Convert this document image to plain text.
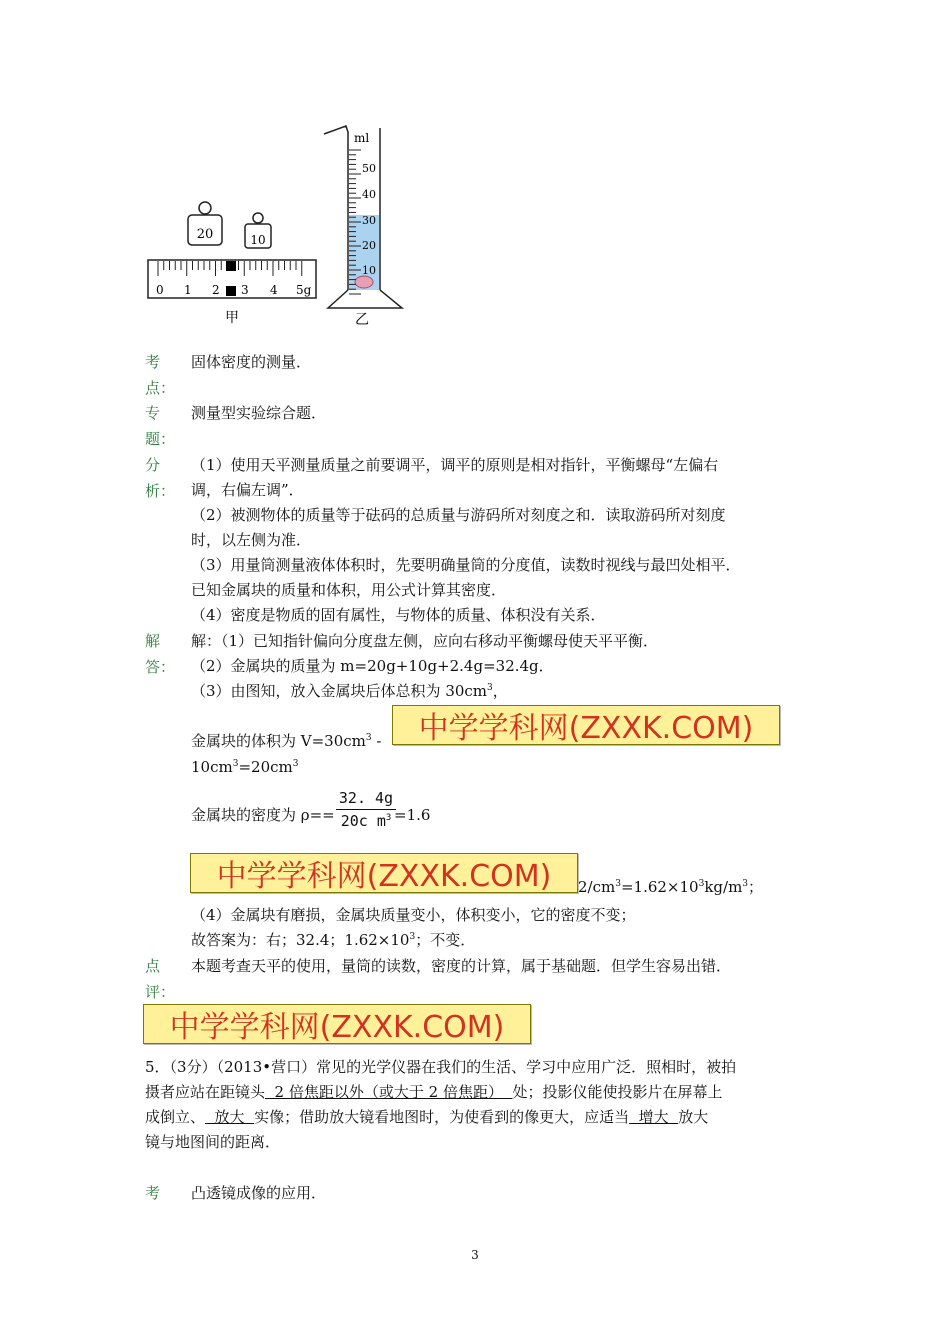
20	10
0 1 2 3 4 5g
ml
50
40
30
20
10
甲	乙
考
点：
固体密度的测量．
专
题：
测量型实验综合题．
分
析：
（1）使用天平测量质量之前要调平，调平的原则是相对指针，平衡螺母“左偏右
调，右偏左调”．
（2）被测物体的质量等于砝码的总质量与游码所对刻度之和．读取游码所对刻度
时，以左侧为准．
（3）用量筒测量液体体积时，先要明确量筒的分度值，读数时视线与最凹处相平．
已知金属块的质量和体积，用公式计算其密度．
（4）密度是物质的固有属性，与物体的质量、体积没有关系．
解
答：
解：（1）已知指针偏向分度盘左侧，应向右移动平衡螺母使天平平衡．
（2）金属块的质量为 m=20g+10g+2.4g=32.4g．
（3）由图知，放入金属块后体总积为 $30cm^3$，
金属块的体积为 $V=30cm^3$ -	中学学科网(ZXXK.COM)
$10cm^3=20cm^3$
金属块的密度为 ρ==
32. 4g
20c $m^3 =1.6$
中学学科网(ZXXK.COM)	$2/cm^3=1.62\times 10^3kg/m^3$；
（4）金属块有磨损，金属块质量变小，体积变小，它的密度不变；
故答案为：右；32.4；$1.62\times 10^3$；不变．
点
评：
本题考查天平的使用，量筒的读数，密度的计算，属于基础题．但学生容易出错．
中学学科网(ZXXK.COM)
5．（3分）（2013•营口）常见的光学仪器在我们的生活、学习中应用广泛．照相时，被拍
摄者应站在距镜头  2 倍焦距以外（或大于 2 倍焦距）  处；投影仪能使投影片在屏幕上
成倒立、  放大  实像；借助放大镜看地图时，为使看到的像更大，应适当  增大  放大
镜与地图间的距离．
考	凸透镜成像的应用．
3
